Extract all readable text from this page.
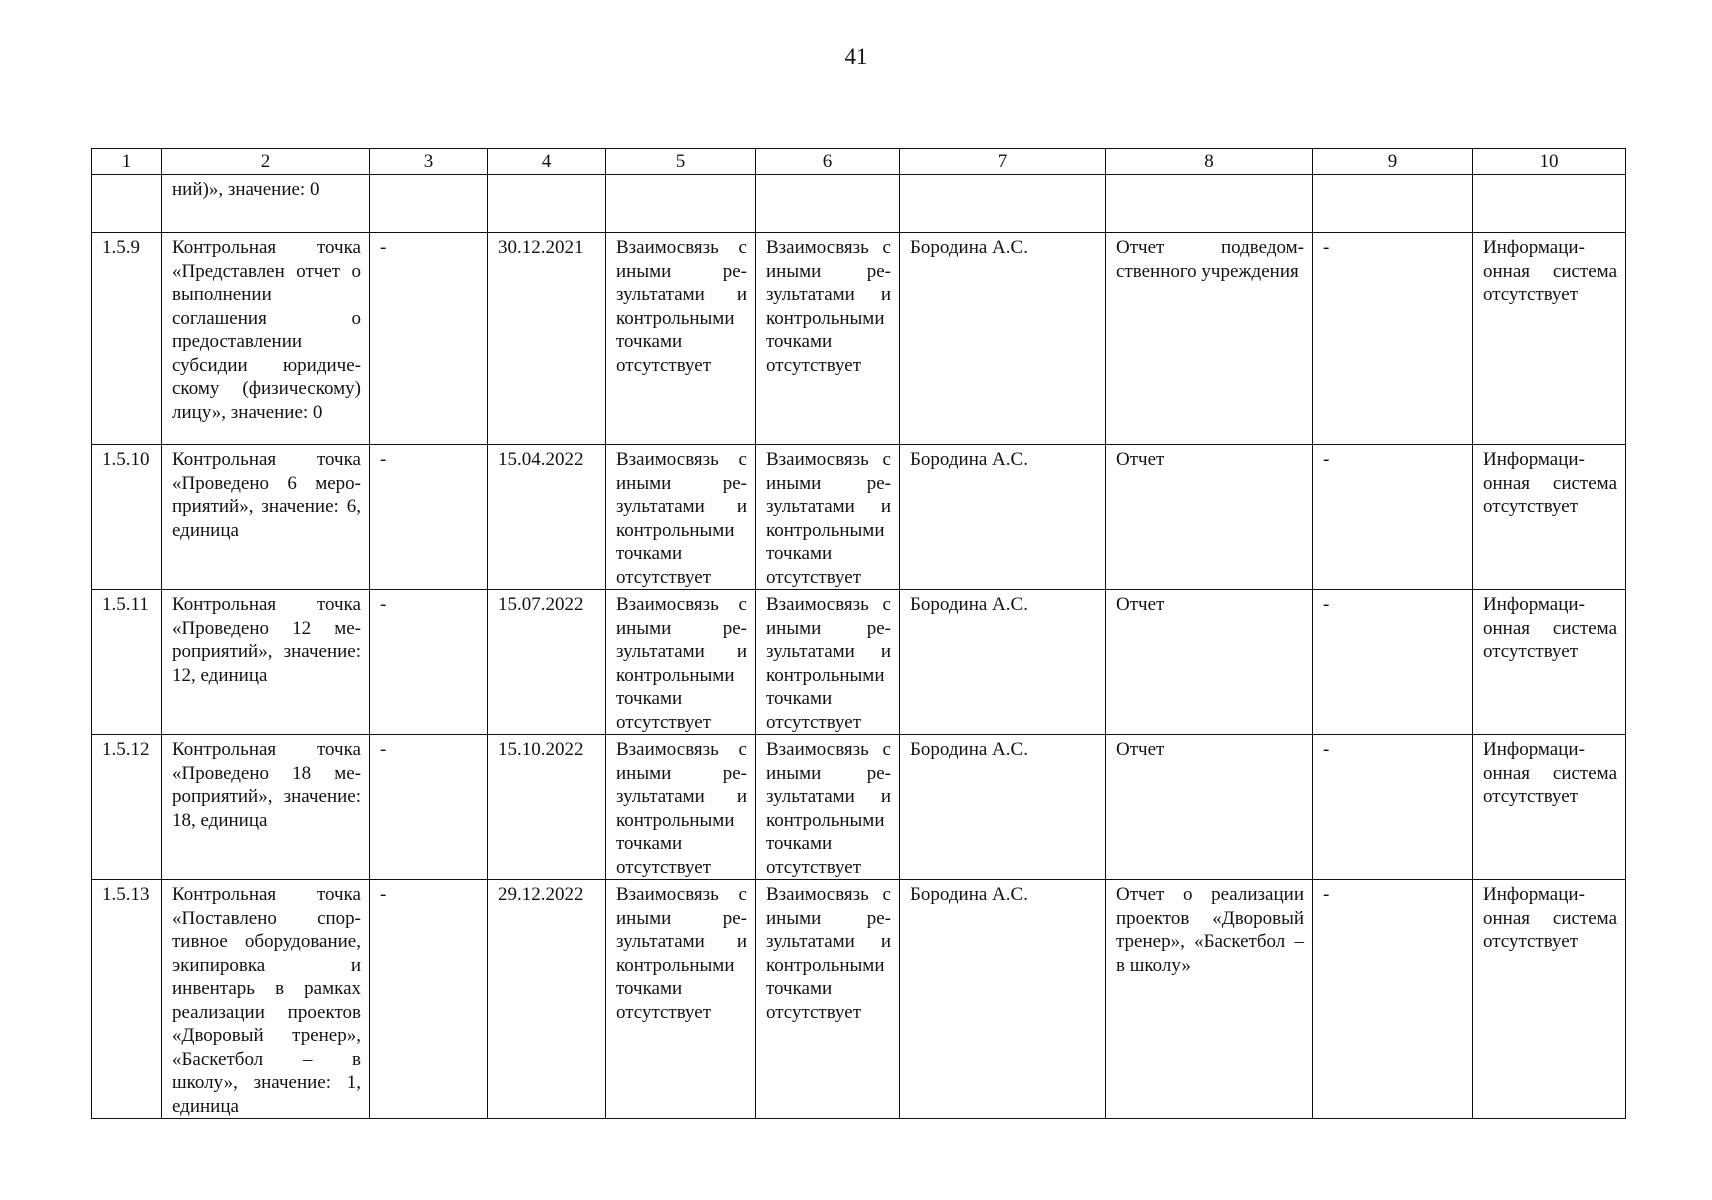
41
1	2	3	4	5	6	7	8	9	10
	ний)», значение: 0								
1.5.9	Контрольная точка «Представлен отчет о выполнении соглашения о предоставлении субсидии юридическому (физическому) лицу», значение: 0	-	30.12.2021	Взаимосвязь с иными результатами и контрольными точками отсутствует	Взаимосвязь с иными результатами и контрольными точками отсутствует	Бородина А.С.	Отчет подведомственного учреждения	-	Информационная система отсутствует
1.5.10	Контрольная точка «Проведено 6 мероприятий», значение: 6, единица	-	15.04.2022	Взаимосвязь с иными результатами и контрольными точками отсутствует	Взаимосвязь с иными результатами и контрольными точками отсутствует	Бородина А.С.	Отчет	-	Информационная система отсутствует
1.5.11	Контрольная точка «Проведено 12 мероприятий», значение: 12, единица	-	15.07.2022	Взаимосвязь с иными результатами и контрольными точками отсутствует	Взаимосвязь с иными результатами и контрольными точками отсутствует	Бородина А.С.	Отчет	-	Информационная система отсутствует
1.5.12	Контрольная точка «Проведено 18 мероприятий», значение: 18, единица	-	15.10.2022	Взаимосвязь с иными результатами и контрольными точками отсутствует	Взаимосвязь с иными результатами и контрольными точками отсутствует	Бородина А.С.	Отчет	-	Информационная система отсутствует
1.5.13	Контрольная точка «Поставлено спортивное оборудование, экипировка и инвентарь в рамках реализации проектов «Дворовый тренер», «Баскетбол – в школу», значение: 1, единица	-	29.12.2022	Взаимосвязь с иными результатами и контрольными точками отсутствует	Взаимосвязь с иными результатами и контрольными точками отсутствует	Бородина А.С.	Отчет о реализации проектов «Дворовый тренер», «Баскетбол – в школу»	-	Информационная система отсутствует
